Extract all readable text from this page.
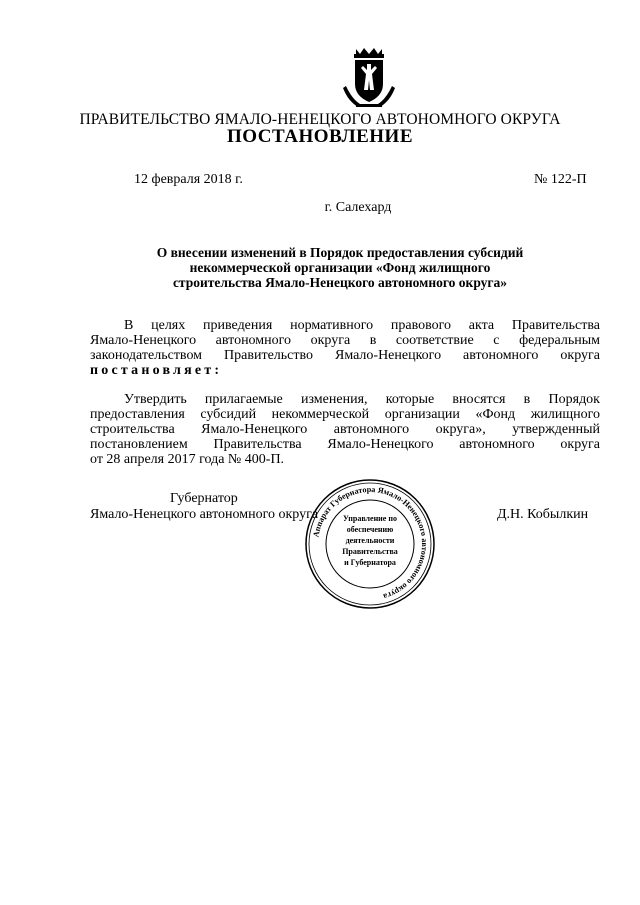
ПРАВИТЕЛЬСТВО ЯМАЛО-НЕНЕЦКОГО АВТОНОМНОГО ОКРУГА
ПОСТАНОВЛЕНИЕ
12 февраля 2018 г.	№ 122-П
г. Салехард
О внесении изменений в Порядок предоставления субсидий
некоммерческой организации «Фонд жилищного
строительства Ямало-Ненецкого автономного округа»
В целях приведения нормативного правового акта Правительства
Ямало-Ненецкого автономного округа в соответствие с федеральным
законодательством Правительство Ямало-Ненецкого автономного округа
постановляет:
Утвердить прилагаемые изменения, которые вносятся в Порядок
предоставления субсидий некоммерческой организации «Фонд жилищного
строительства Ямало-Ненецкого автономного округа», утвержденный
постановлением Правительства Ямало-Ненецкого автономного округа
от 28 апреля 2017 года № 400-П.
Губернатор
Ямало-Ненецкого автономного округа	Д.Н. Кобылкин
Аппарат Губернатора Ямало-Ненецкого автономного округа
Управление по
обеспечению
деятельности
Правительства
и Губернатора
